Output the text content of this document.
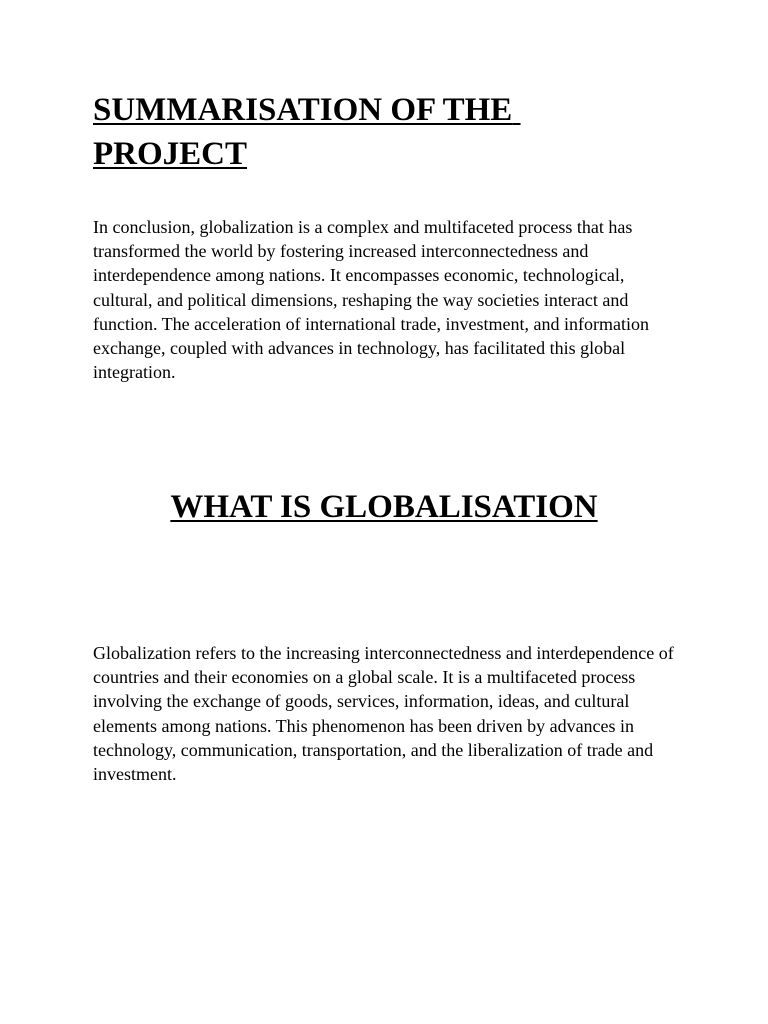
SUMMARISATION OF THE PROJECT

In conclusion, globalization is a complex and multifaceted process that has transformed the world by fostering increased interconnectedness and interdependence among nations. It encompasses economic, technological, cultural, and political dimensions, reshaping the way societies interact and function. The acceleration of international trade, investment, and information exchange, coupled with advances in technology, has facilitated this global integration.

WHAT IS GLOBALISATION

Globalization refers to the increasing interconnectedness and interdependence of countries and their economies on a global scale. It is a multifaceted process involving the exchange of goods, services, information, ideas, and cultural elements among nations. This phenomenon has been driven by advances in technology, communication, transportation, and the liberalization of trade and investment.
